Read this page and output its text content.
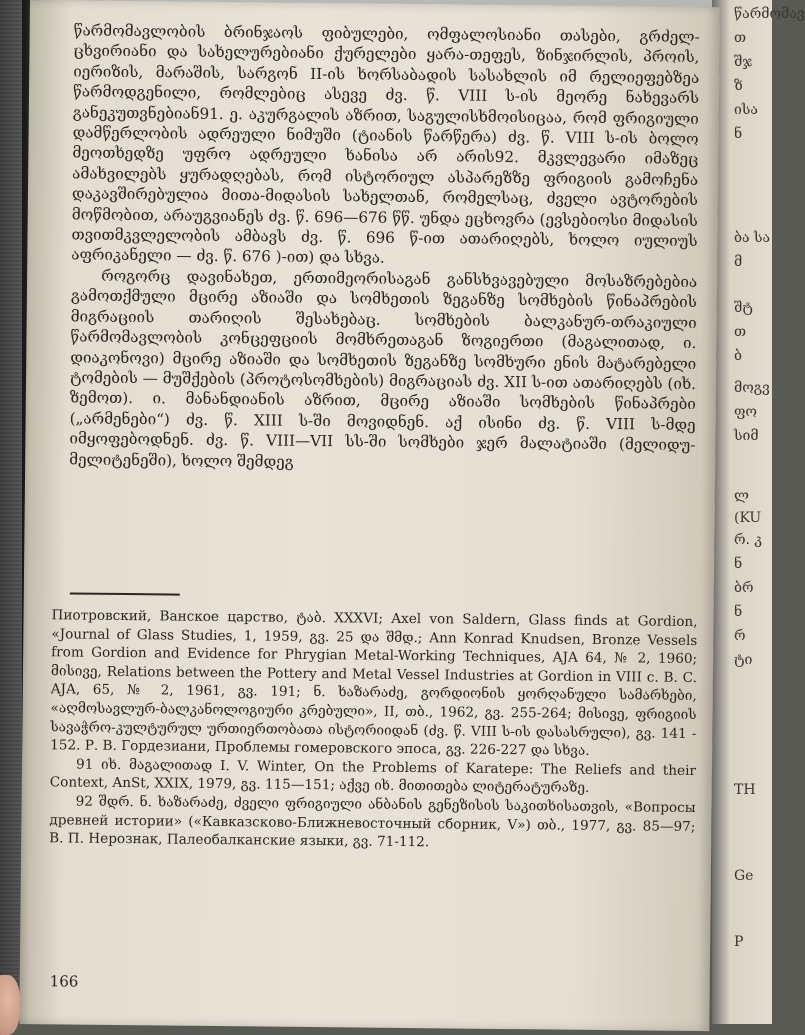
წარმომავ
თ
შჯ
ზ
ისა
ნ
ბა სა
მ
შტ
თ
ბ
მოგვ
ფო
სიმ
ლ
(KU
რ. კ
ნ
ბრ
ნ
რ
ტი
TH
Ge
P

წარმომავლობის ბრინჯაოს ფიბულები, ომფალოსიანი თასები, გრძელ-ცხვირიანი და სახელურებიანი ქურელები ყარა-თეფეს, ზინჯირლის, პროის, იერიზის, მარაშის, სარგონ II-ის ხორსაბადის სასახლის იმ რელიეფებზეა წარმოდგენილი, რომლებიც ასევე ძვ. წ. VIII ს-ის მეორე ნახევარს განეკუთვნებიან91. ე. აკურგალის აზრით, საგულისხმოისიცაა, რომ ფრიგიული დამწერლობის ადრეული ნიმუში (ტიანის წარწერა) ძვ. წ. VIII ს-ის ბოლო მეოთხედზე უფრო ადრეული ხანისა არ არის92. მკვლევარი იმაზეც ამახვილებს ყურადღებას, რომ ისტორიულ ასპარეზზე ფრიგიის გამოჩენა დაკავშირებულია მითა-მიდასის სახელთან, რომელსაც, ძველი ავტორების მოწმობით, არაუგვიანეს ძვ. წ. 696—676 წწ. უნდა ეცხოვრა (ევსებიოსი მიდასის თვითმკვლელობის ამბავს ძვ. წ. 696 წ-ით ათარიღებს, ხოლო იულიუს აფრიკანელი — ძვ. წ. 676 )-ით) და სხვა.

როგორც დავინახეთ, ერთიმეორისაგან განსხვავებული მოსაზრებებია გამოთქმული მცირე აზიაში და სომხეთის ზეგანზე სომხების წინაპრების მიგრაციის თარიღის შესახებაც. სომხების ბალკანურ-თრაკიული წარმომავლობის კონცეფციის მომხრეთაგან ზოგიერთი (მაგალითად, ი. დიაკონოვი) მცირე აზიაში და სომხეთის ზეგანზე სომხური ენის მატარებელი ტომების — მუშქების (პროტოსომხების) მიგრაციას ძვ. XII ს-ით ათარიღებს (იხ. ზემოთ). ი. მანანდიანის აზრით, მცირე აზიაში სომხების წინაპრები („არმენები“) ძვ. წ. XIII ს-ში მოვიდნენ. აქ ისინი ძვ. წ. VIII ს-მდე იმყოფებოდნენ. ძვ. წ. VIII—VII სს-ში სომხები ჯერ მალატიაში (მელიდუ-მელიტენეში), ხოლო შემდეგ

Пиотровский, Ванское царство, ტაბ. XXXVI; Axel von Saldern, Glass finds at Gordion, «Journal of Glass Studies, 1, 1959, გვ. 25 და შმდ.; Ann Konrad Knudsen, Bronze Vessels from Gordion and Evidence for Phrygian Metal-Working Techniques, AJA 64, № 2, 1960; მისივე, Relations between the Pottery and Metal Vessel Industries at Gordion in VIII c. B. C. AJA, 65, № 2, 1961, გვ. 191; ნ. ხაზარაძე, გორდიონის ყორღანული სამარხები, «აღმოსავლურ-ბალკანოლოგიური კრებული», II, თბ., 1962, გვ. 255-264; მისივე, ფრიგიის სავაჭრო-კულტურულ ურთიერთობათა ისტორიიდან (ძვ. წ. VIII ს-ის დასასრული), გვ. 141 - 152. Р. В. Гордезиани, Проблемы гомеровского эпоса, გვ. 226-227 და სხვა.

91 იხ. მაგალითად I. V. Winter, On the Problems of Karatepe: The Reliefs and their Context, AnSt, XXIX, 1979, გვ. 115—151; აქვე იხ. მითითება ლიტერატურაზე.

92 შდრ. ნ. ხაზარაძე, ძველი ფრიგიული ანბანის გენეზისის საკითხისათვის, «Вопросы древней истории» («Кавказсково-Ближневосточный сборник, V») თბ., 1977, გვ. 85—97; В. П. Нерознак, Палеобалканские языки, გვ. 71-112.

166
